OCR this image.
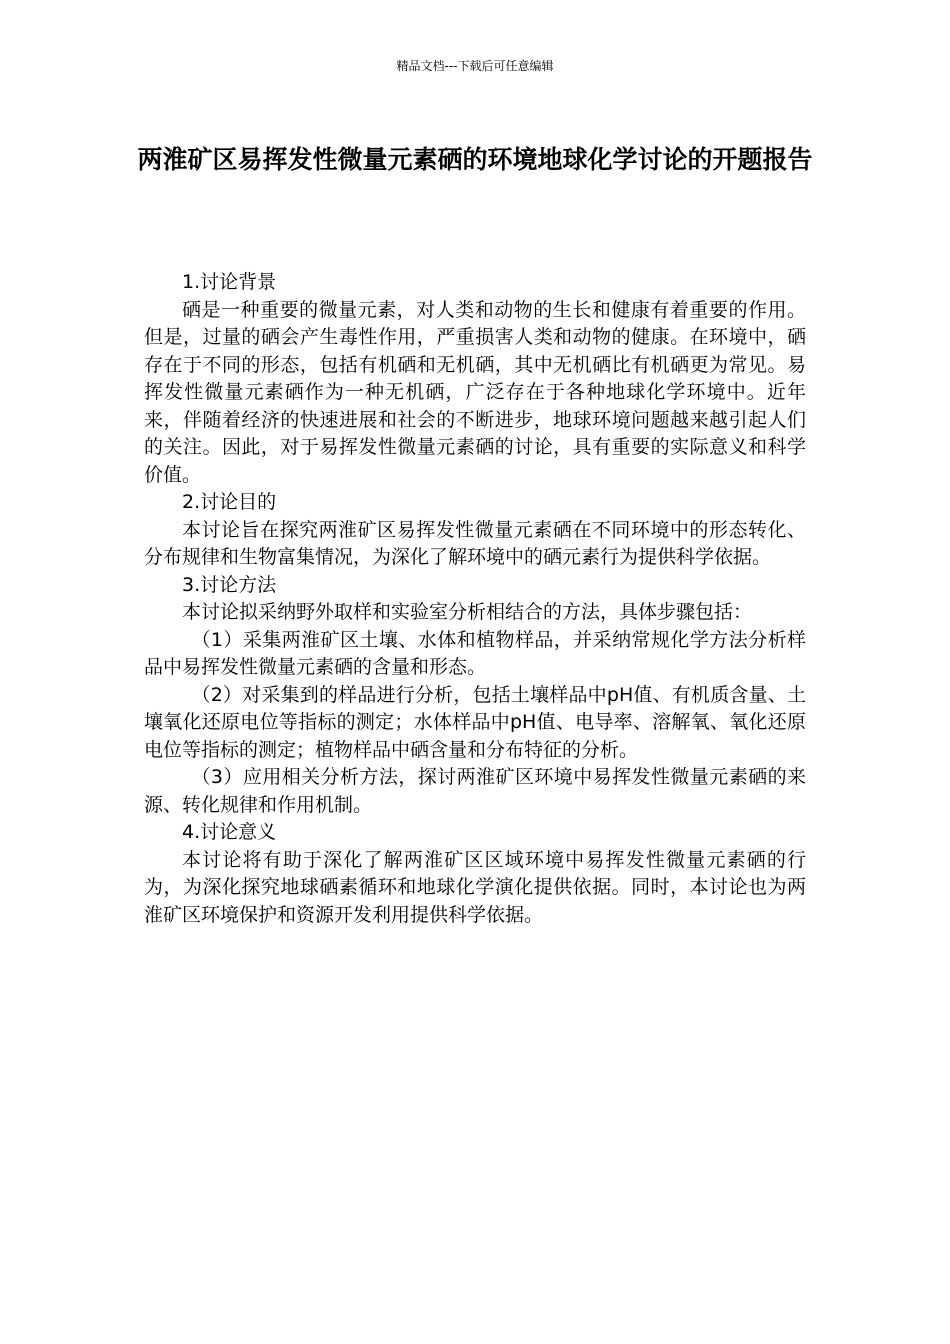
精品文档---下载后可任意编辑
两淮矿区易挥发性微量元素硒的环境地球化学讨论的开题报告

1.讨论背景

硒是一种重要的微量元素，对人类和动物的生长和健康有着重要的作用。但是，过量的硒会产生毒性作用，严重损害人类和动物的健康。在环境中，硒存在于不同的形态，包括有机硒和无机硒，其中无机硒比有机硒更为常见。易挥发性微量元素硒作为一种无机硒，广泛存在于各种地球化学环境中。近年来，伴随着经济的快速进展和社会的不断进步，地球环境问题越来越引起人们的关注。因此，对于易挥发性微量元素硒的讨论，具有重要的实际意义和科学价值。

2.讨论目的

本讨论旨在探究两淮矿区易挥发性微量元素硒在不同环境中的形态转化、分布规律和生物富集情况，为深化了解环境中的硒元素行为提供科学依据。

3.讨论方法

本讨论拟采纳野外取样和实验室分析相结合的方法，具体步骤包括：

（1）采集两淮矿区土壤、水体和植物样品，并采纳常规化学方法分析样品中易挥发性微量元素硒的含量和形态。

（2）对采集到的样品进行分析，包括土壤样品中pH值、有机质含量、土壤氧化还原电位等指标的测定；水体样品中pH值、电导率、溶解氧、氧化还原电位等指标的测定；植物样品中硒含量和分布特征的分析。

（3）应用相关分析方法，探讨两淮矿区环境中易挥发性微量元素硒的来源、转化规律和作用机制。

4.讨论意义

本讨论将有助于深化了解两淮矿区区域环境中易挥发性微量元素硒的行为，为深化探究地球硒素循环和地球化学演化提供依据。同时，本讨论也为两淮矿区环境保护和资源开发利用提供科学依据。
